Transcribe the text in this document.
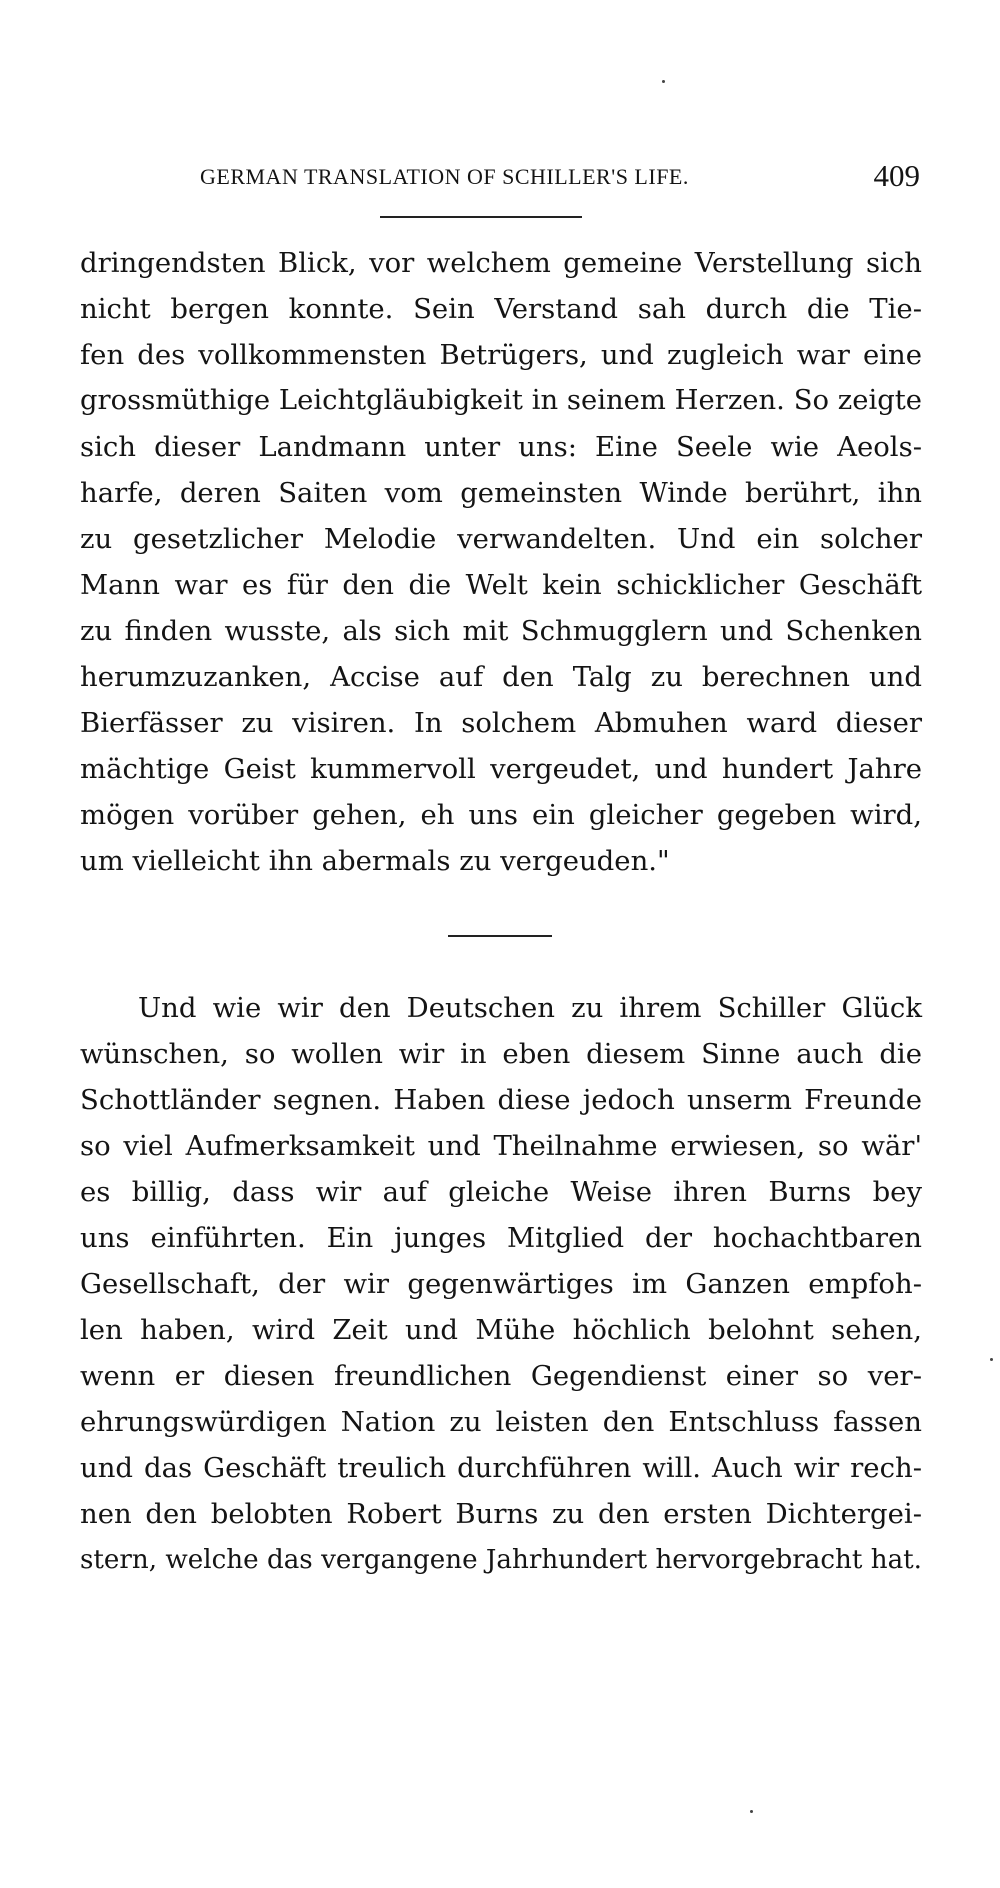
GERMAN TRANSLATION OF SCHILLER'S LIFE.	409

dringendsten Blick, vor welchem gemeine Verstellung sich
nicht bergen konnte. Sein Verstand sah durch die Tie-
fen des vollkommensten Betrügers, und zugleich war eine
grossmüthige Leichtgläubigkeit in seinem Herzen. So zeigte
sich dieser Landmann unter uns: Eine Seele wie Aeols-
harfe, deren Saiten vom gemeinsten Winde berührt, ihn
zu gesetzlicher Melodie verwandelten. Und ein solcher
Mann war es für den die Welt kein schicklicher Geschäft
zu finden wusste, als sich mit Schmugglern und Schenken
herumzuzanken, Accise auf den Talg zu berechnen und
Bierfässer zu visiren. In solchem Abmuhen ward dieser
mächtige Geist kummervoll vergeudet, und hundert Jahre
mögen vorüber gehen, eh uns ein gleicher gegeben wird,
um vielleicht ihn abermals zu vergeuden."

Und wie wir den Deutschen zu ihrem Schiller Glück
wünschen, so wollen wir in eben diesem Sinne auch die
Schottländer segnen. Haben diese jedoch unserm Freunde
so viel Aufmerksamkeit und Theilnahme erwiesen, so wär'
es billig, dass wir auf gleiche Weise ihren Burns bey
uns einführten. Ein junges Mitglied der hochachtbaren
Gesellschaft, der wir gegenwärtiges im Ganzen empfoh-
len haben, wird Zeit und Mühe höchlich belohnt sehen,
wenn er diesen freundlichen Gegendienst einer so ver-
ehrungswürdigen Nation zu leisten den Entschluss fassen
und das Geschäft treulich durchführen will. Auch wir rech-
nen den belobten Robert Burns zu den ersten Dichtergei-
stern, welche das vergangene Jahrhundert hervorgebracht hat.
